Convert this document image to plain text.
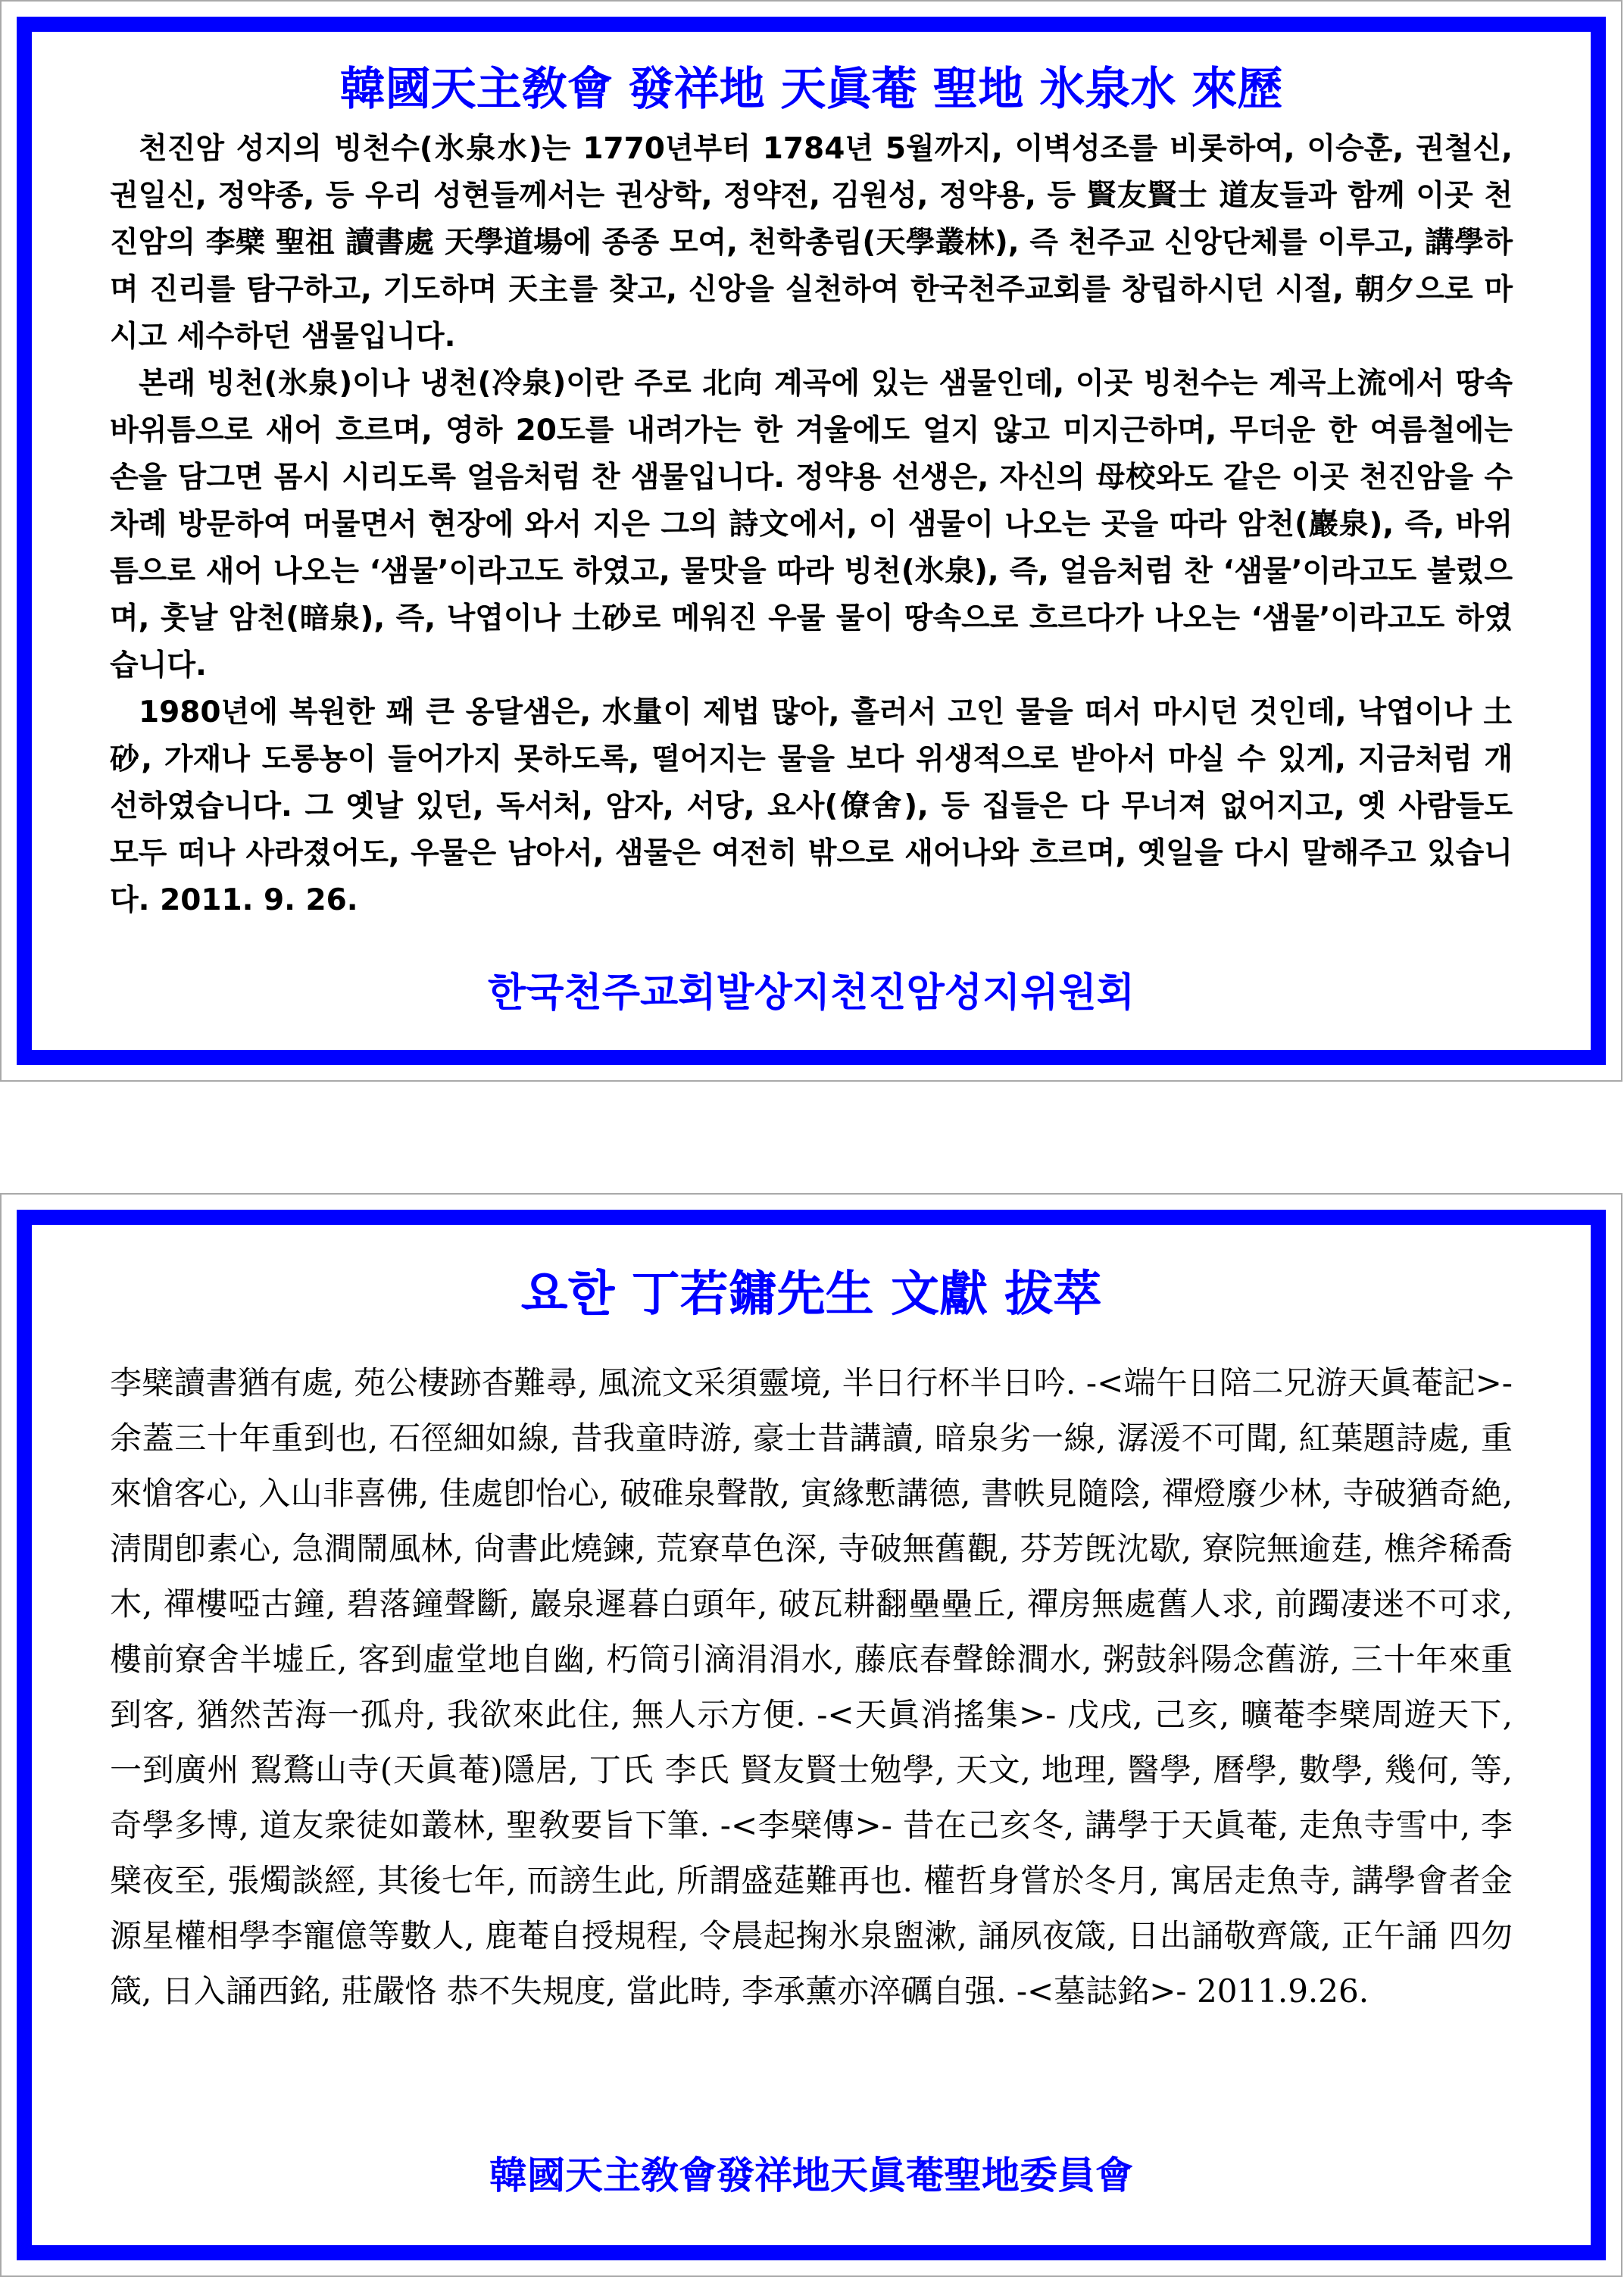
韓國天主敎會 發祥地 天眞菴 聖地 氷泉水 來歷

천진암 성지의 빙천수(氷泉水)는 1770년부터 1784년 5월까지, 이벽성조를 비롯하여, 이승훈, 권철신, 권일신, 정약종, 등 우리 성현들께서는 권상학, 정약전, 김원성, 정약용, 등 賢友賢士 道友들과 함께 이곳 천진암의 李檗 聖祖 讀書處 天學道場에 종종 모여, 천학총림(天學叢林), 즉 천주교 신앙단체를 이루고, 講學하며 진리를 탐구하고, 기도하며 天主를 찾고, 신앙을 실천하여 한국천주교회를 창립하시던 시절, 朝夕으로 마시고 세수하던 샘물입니다.

본래 빙천(氷泉)이나 냉천(冷泉)이란 주로 北向 계곡에 있는 샘물인데, 이곳 빙천수는 계곡上流에서 땅속 바위틈으로 새어 흐르며, 영하 20도를 내려가는 한 겨울에도 얼지 않고 미지근하며, 무더운 한 여름철에는 손을 담그면 몸시 시리도록 얼음처럼 찬 샘물입니다. 정약용 선생은, 자신의 母校와도 같은 이곳 천진암을 수차례 방문하여 머물면서 현장에 와서 지은 그의 詩文에서, 이 샘물이 나오는 곳을 따라 암천(巖泉), 즉, 바위틈으로 새어 나오는 ‘샘물’이라고도 하였고, 물맛을 따라 빙천(氷泉), 즉, 얼음처럼 찬 ‘샘물’이라고도 불렀으며, 훗날 암천(暗泉), 즉, 낙엽이나 土砂로 메워진 우물 물이 땅속으로 흐르다가 나오는 ‘샘물’이라고도 하였습니다.

1980년에 복원한 꽤 큰 옹달샘은, 水量이 제법 많아, 흘러서 고인 물을 떠서 마시던 것인데, 낙엽이나 土砂, 가재나 도롱뇽이 들어가지 못하도록, 떨어지는 물을 보다 위생적으로 받아서 마실 수 있게, 지금처럼 개선하였습니다. 그 옛날 있던, 독서처, 암자, 서당, 요사(僚舍), 등 집들은 다 무너져 없어지고, 옛 사람들도 모두 떠나 사라졌어도, 우물은 남아서, 샘물은 여전히 밖으로 새어나와 흐르며, 옛일을 다시 말해주고 있습니다. 2011. 9. 26.

한국천주교회발상지천진암성지위원회
요한 丁若鏞先生 文獻 拔萃

李檗讀書猶有處, 苑公棲跡杳難尋, 風流文采須靈境, 半日行杯半日吟. -<端午日陪二兄游天眞菴記>- 余蓋三十年重到也, 石徑細如線, 昔我童時游, 豪士昔講讀, 暗泉劣一線, 潺湲不可聞, 紅葉題詩處, 重來愴客心, 入山非喜佛, 佳處卽怡心, 破碓泉聲散, 寅緣慙講德, 書帙見隨陰, 禪燈廢少林, 寺破猶奇絶, 淸閒卽素心, 急澗鬧風林, 尙書此燒鍊, 荒寮草色深, 寺破無舊觀, 芬芳旣沈歇, 寮院無逾莛, 樵斧稀喬木, 禪樓啞古鐘, 碧落鐘聲斷, 巖泉遲暮白頭年, 破瓦耕翻壘壘丘, 禪房無處舊人求, 前躅凄迷不可求, 樓前寮舍半墟丘, 客到虛堂地自幽, 朽筒引滴涓涓水, 藤底春聲餘澗水, 粥鼓斜陽念舊游, 三十年來重到客, 猶然苦海一孤舟, 我欲來此住, 無人示方便. -<天眞消搖集>- 戊戌, 己亥, 曠菴李檗周遊天下, 一到廣州 鴷鶩山寺(天眞菴)隱居, 丁氏 李氏 賢友賢士勉學, 天文, 地理, 醫學, 曆學, 數學, 幾何, 等, 奇學多博, 道友衆徒如叢林, 聖敎要旨下筆. -<李檗傳>- 昔在己亥冬, 講學于天眞菴, 走魚寺雪中, 李檗夜至, 張燭談經, 其後七年, 而謗生此, 所謂盛莚難再也. 權哲身嘗於冬月, 寓居走魚寺, 講學會者金源星權相學李寵億等數人, 鹿菴自授規程, 令晨起掬氷泉盥漱, 誦夙夜箴, 日出誦敬齊箴, 正午誦 四勿箴, 日入誦西銘, 莊嚴恪 恭不失規度, 當此時, 李承薰亦淬礪自强. -<墓誌銘>- 2011.9.26.

韓國天主敎會發祥地天眞菴聖地委員會
